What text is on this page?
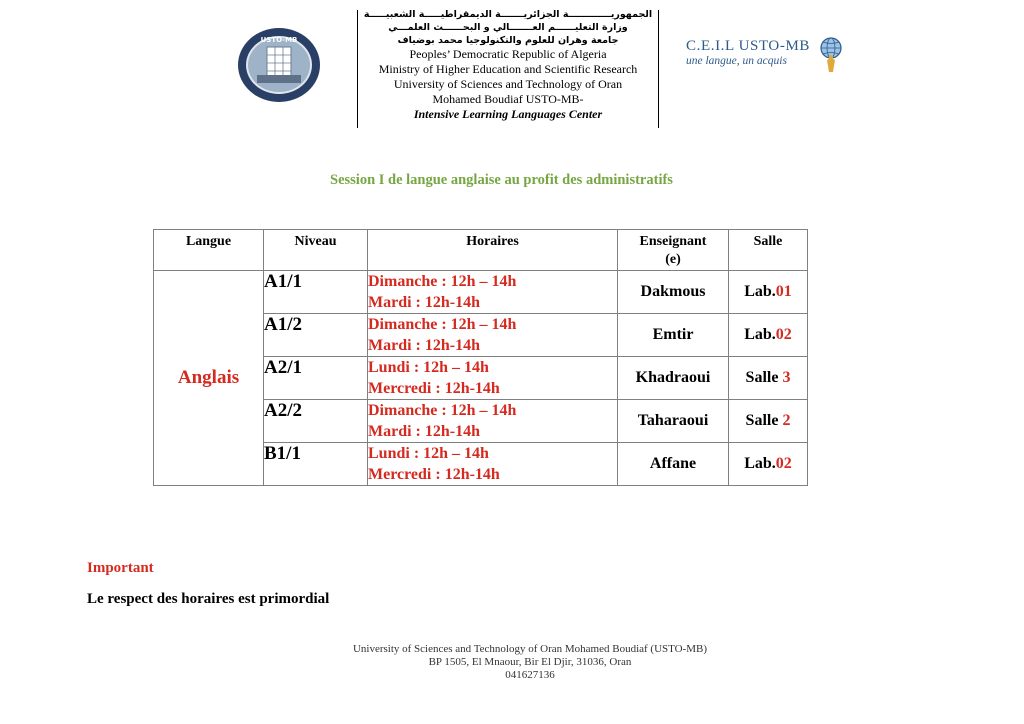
USTO-MB
الجمهوريـــــــــــــة الجزائريـــــــة الديمقراطيـــــة الشعبيـــــة
وزارة التعليــــــم العـــــــالي و البحــــــث العلمـــي
جامعة وهران للعلوم والتكنولوجيا محمد بوضياف
Peoples’ Democratic Republic of Algeria
Ministry of Higher Education and Scientific Research
University of Sciences and Technology of Oran
Mohamed Boudiaf USTO-MB-
Intensive Learning Languages Center
C.E.I.L USTO-MB
une langue, un acquis
Session I de langue anglaise au profit des administratifs
Langue	Niveau	Horaires	Enseignant
(e)	Salle
Anglais	A1/1	Dimanche : 12h – 14h
Mardi : 12h-14h	Dakmous	Lab.01
	A1/2	Dimanche : 12h – 14h
Mardi : 12h-14h	Emtir	Lab.02
	A2/1	Lundi : 12h – 14h
Mercredi : 12h-14h	Khadraoui	Salle 3
	A2/2	Dimanche : 12h – 14h
Mardi : 12h-14h	Taharaoui	Salle 2
	B1/1	Lundi : 12h – 14h
Mercredi : 12h-14h	Affane	Lab.02
Important
Le respect des horaires est primordial
University of Sciences and Technology of Oran Mohamed Boudiaf (USTO-MB)
BP 1505, El Mnaour, Bir El Djir, 31036, Oran
041627136
